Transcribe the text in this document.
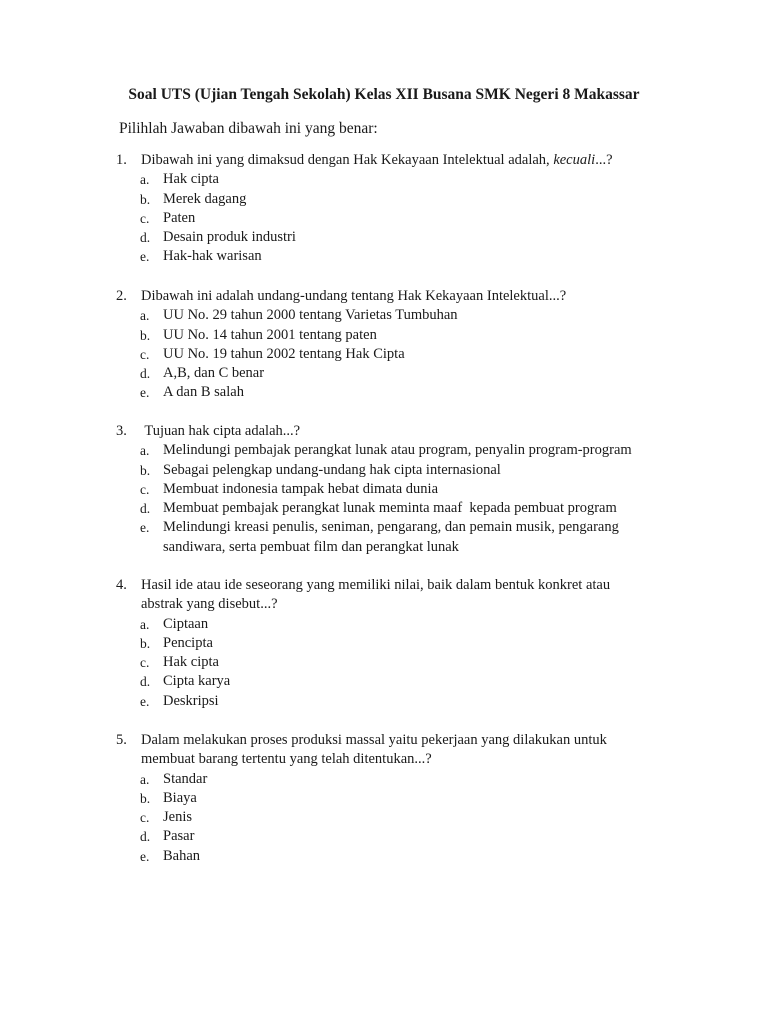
Soal UTS (Ujian Tengah Sekolah) Kelas XII Busana SMK Negeri 8 Makassar
Pilihlah Jawaban dibawah ini yang benar:
1. Dibawah ini yang dimaksud dengan Hak Kekayaan Intelektual adalah, kecuali...?
a. Hak cipta
b. Merek dagang
c. Paten
d. Desain produk industri
e. Hak-hak warisan
2. Dibawah ini adalah undang-undang tentang Hak Kekayaan Intelektual...?
a. UU No. 29 tahun 2000 tentang Varietas Tumbuhan
b. UU No. 14 tahun 2001 tentang paten
c. UU No. 19 tahun 2002 tentang Hak Cipta
d. A,B, dan C benar
e. A dan B salah
3. Tujuan hak cipta adalah...?
a. Melindungi pembajak perangkat lunak atau program, penyalin program-program
b. Sebagai pelengkap undang-undang hak cipta internasional
c. Membuat indonesia tampak hebat dimata dunia
d. Membuat pembajak perangkat lunak meminta maaf  kepada pembuat program
e. Melindungi kreasi penulis, seniman, pengarang, dan pemain musik, pengarang
sandiwara, serta pembuat film dan perangkat lunak
4. Hasil ide atau ide seseorang yang memiliki nilai, baik dalam bentuk konkret atau
abstrak yang disebut...?
a. Ciptaan
b. Pencipta
c. Hak cipta
d. Cipta karya
e. Deskripsi
5. Dalam melakukan proses produksi massal yaitu pekerjaan yang dilakukan untuk
membuat barang tertentu yang telah ditentukan...?
a. Standar
b. Biaya
c. Jenis
d. Pasar
e. Bahan
